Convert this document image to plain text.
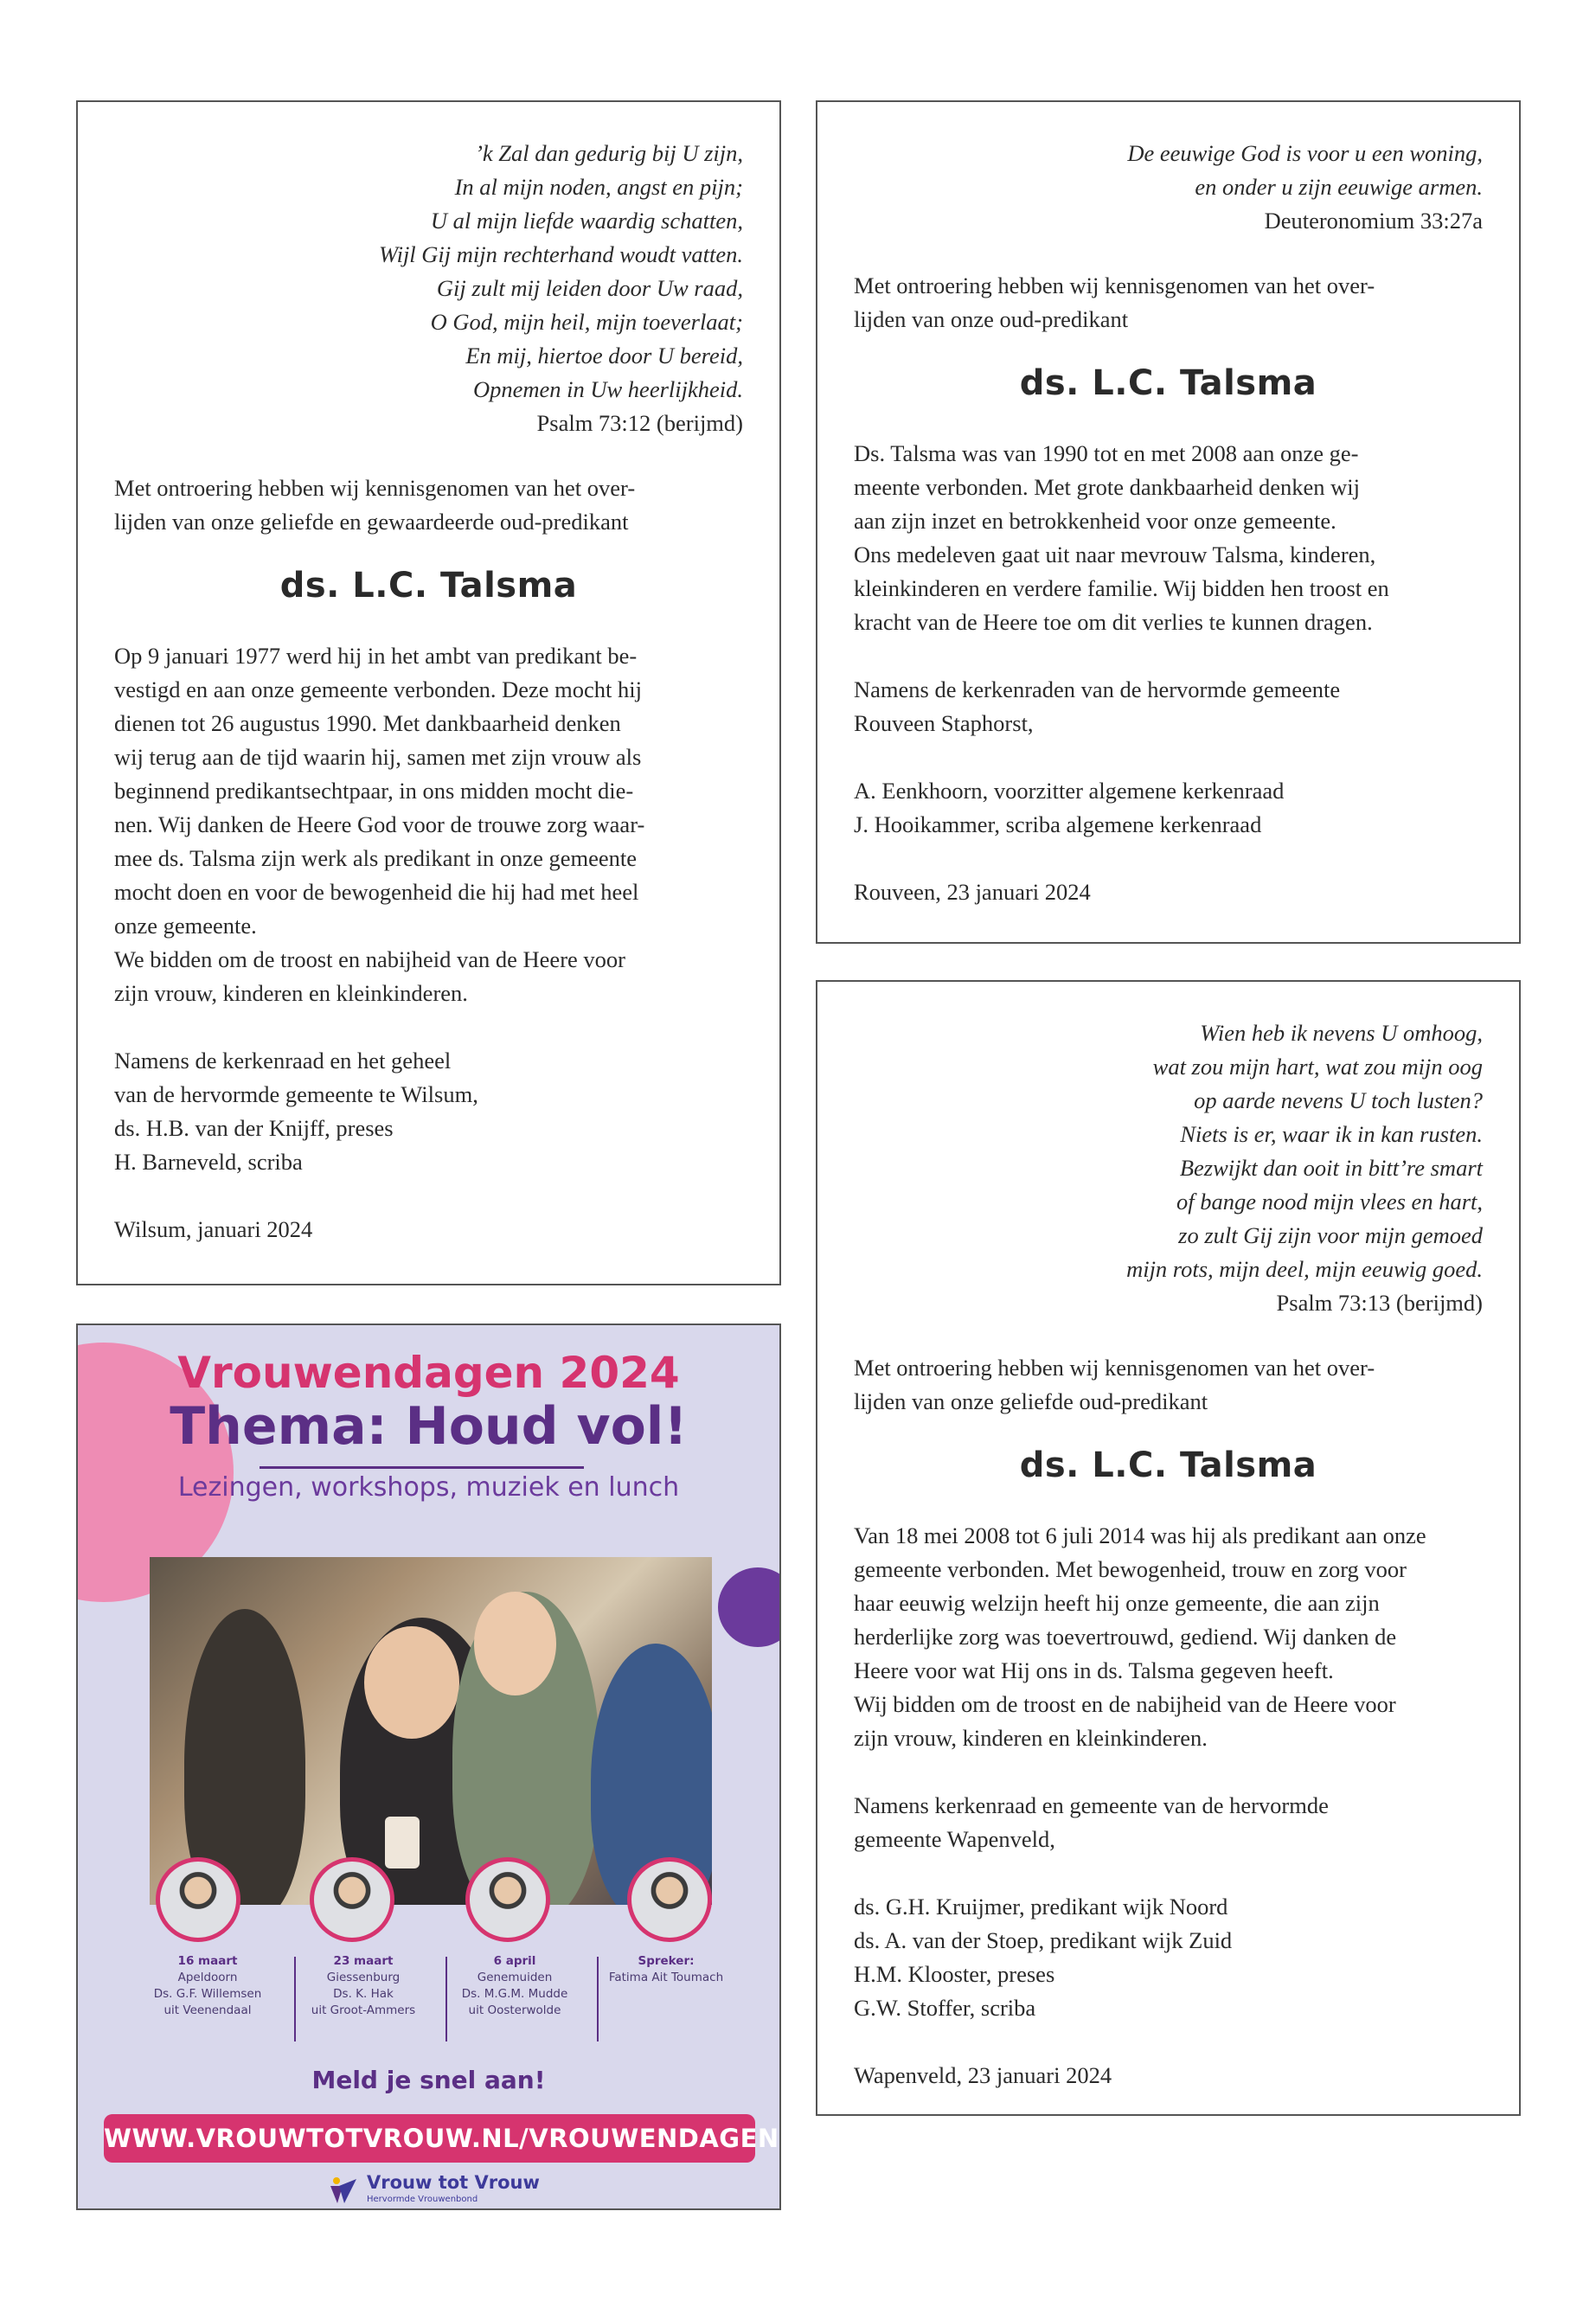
’k Zal dan gedurig bij U zijn,
In al mijn noden, angst en pijn;
U al mijn liefde waardig schatten,
Wijl Gij mijn rechterhand woudt vatten.
Gij zult mij leiden door Uw raad,
O God, mijn heil, mijn toeverlaat;
En mij, hiertoe door U bereid,
Opnemen in Uw heerlijkheid.
Psalm 73:12 (berijmd)
Met ontroering hebben wij kennisgenomen van het over-
lijden van onze geliefde en gewaardeerde oud-predikant
ds. L.C. Talsma
Op 9 januari 1977 werd hij in het ambt van predikant be-
vestigd en aan onze gemeente verbonden. Deze mocht hij
dienen tot 26 augustus 1990. Met dankbaarheid denken
wij terug aan de tijd waarin hij, samen met zijn vrouw als
beginnend predikantsechtpaar, in ons midden mocht die-
nen. Wij danken de Heere God voor de trouwe zorg waar-
mee ds. Talsma zijn werk als predikant in onze gemeente
mocht doen en voor de bewogenheid die hij had met heel
onze gemeente.
We bidden om de troost en nabijheid van de Heere voor
zijn vrouw, kinderen en kleinkinderen.
Namens de kerkenraad en het geheel
van de hervormde gemeente te Wilsum,
ds. H.B. van der Knijff, preses
H. Barneveld, scriba
Wilsum, januari 2024
De eeuwige God is voor u een woning,
en onder u zijn eeuwige armen.
Deuteronomium 33:27a
Met ontroering hebben wij kennisgenomen van het over-
lijden van onze oud-predikant
ds. L.C. Talsma
Ds. Talsma was van 1990 tot en met 2008 aan onze ge-
meente verbonden. Met grote dankbaarheid denken wij
aan zijn inzet en betrokkenheid voor onze gemeente.
Ons medeleven gaat uit naar mevrouw Talsma, kinderen,
kleinkinderen en verdere familie. Wij bidden hen troost en
kracht van de Heere toe om dit verlies te kunnen dragen.
Namens de kerkenraden van de hervormde gemeente
Rouveen Staphorst,
A. Eenkhoorn, voorzitter algemene kerkenraad
J. Hooikammer, scriba algemene kerkenraad
Rouveen, 23 januari 2024
Wien heb ik nevens U omhoog,
wat zou mijn hart, wat zou mijn oog
op aarde nevens U toch lusten?
Niets is er, waar ik in kan rusten.
Bezwijkt dan ooit in bitt’re smart
of bange nood mijn vlees en hart,
zo zult Gij zijn voor mijn gemoed
mijn rots, mijn deel, mijn eeuwig goed.
Psalm 73:13 (berijmd)
Met ontroering hebben wij kennisgenomen van het over-
lijden van onze geliefde oud-predikant
ds. L.C. Talsma
Van 18 mei 2008 tot 6 juli 2014 was hij als predikant aan onze
gemeente verbonden. Met bewogenheid, trouw en zorg voor
haar eeuwig welzijn heeft hij onze gemeente, die aan zijn
herderlijke zorg was toevertrouwd, gediend. Wij danken de
Heere voor wat Hij ons in ds. Talsma gegeven heeft.
Wij bidden om de troost en de nabijheid van de Heere voor
zijn vrouw, kinderen en kleinkinderen.
Namens kerkenraad en gemeente van de hervormde
gemeente Wapenveld,
ds. G.H. Kruijmer, predikant wijk Noord
ds. A. van der Stoep, predikant wijk Zuid
H.M. Klooster, preses
G.W. Stoffer, scriba
Wapenveld, 23 januari 2024
Vrouwendagen 2024
Thema: Houd vol!
Lezingen, workshops, muziek en lunch
16 maart
Apeldoorn
Ds. G.F. Willemsen
uit Veenendaal
23 maart
Giessenburg
Ds. K. Hak
uit Groot-Ammers
6 april
Genemuiden
Ds. M.G.M. Mudde
uit Oosterwolde
Spreker:
Fatima Ait Toumach
Meld je snel aan!
WWW.VROUWTOTVROUW.NL/VROUWENDAGEN
Vrouw tot Vrouw
Hervormde Vrouwenbond
